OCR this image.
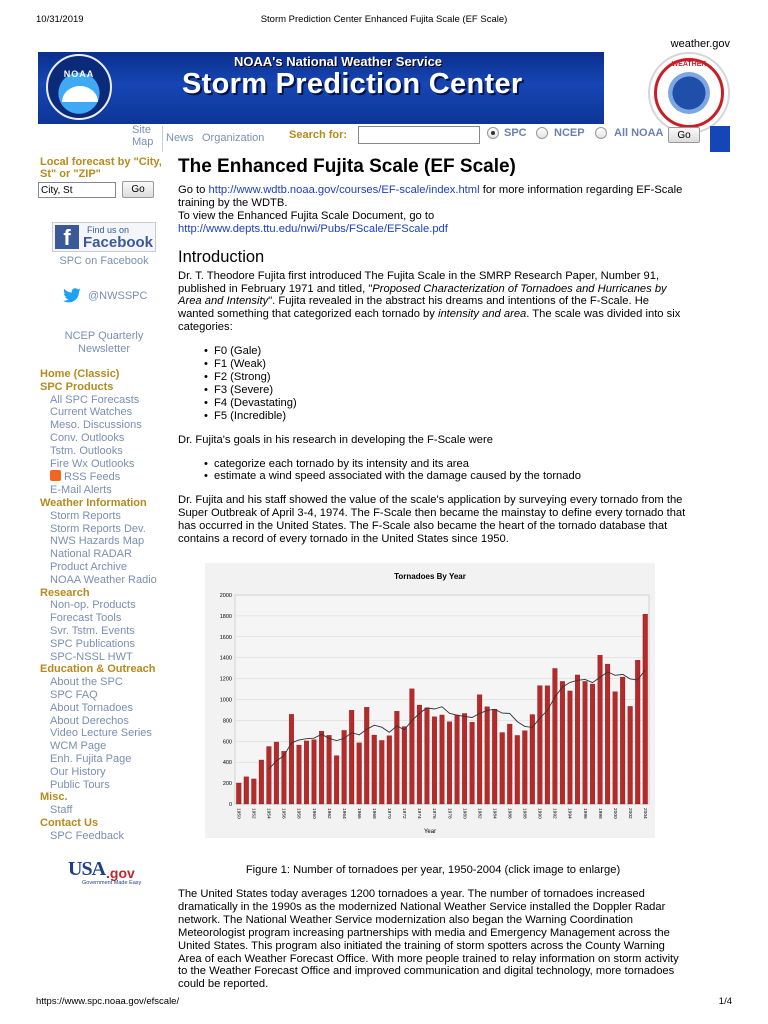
10/31/2019	Storm Prediction Center Enhanced Fujita Scale (EF Scale)
weather.gov
NOAA
NOAA's National Weather Service
Storm Prediction Center
WEATHER
Site Map	News Organization Search for:	SPC NCEP	All NOAA	Go
Local forecast by "City, St" or "ZIP"
City, St
Go
f	Find us on
Facebook
SPC on Facebook
@NWSSPC
NCEP Quarterly Newsletter
Home (Classic)
SPC Products
All SPC Forecasts
Current Watches
Meso. Discussions
Conv. Outlooks
Tstm. Outlooks
Fire Wx Outlooks
RSS Feeds
E-Mail Alerts
Weather Information
Storm Reports
Storm Reports Dev.
NWS Hazards Map
National RADAR
Product Archive
NOAA Weather Radio
Research
Non-op. Products
Forecast Tools
Svr. Tstm. Events
SPC Publications
SPC-NSSL HWT
Education & Outreach
About the SPC
SPC FAQ
About Tornadoes
About Derechos
Video Lecture Series
WCM Page
Enh. Fujita Page
Our History
Public Tours
Misc.
Staff
Contact Us
SPC Feedback
USA .gov
Government Made Easy
The Enhanced Fujita Scale (EF Scale)

Go to http://www.wdtb.noaa.gov/courses/EF-scale/index.html for more information regarding EF-Scale training by the WDTB.
To view the Enhanced Fujita Scale Document, go to
http://www.depts.ttu.edu/nwi/Pubs/FScale/EFScale.pdf

Introduction

Dr. T. Theodore Fujita first introduced The Fujita Scale in the SMRP Research Paper, Number 91, published in February 1971 and titled, "Proposed Characterization of Tornadoes and Hurricanes by Area and Intensity". Fujita revealed in the abstract his dreams and intentions of the F-Scale. He wanted something that categorized each tornado by intensity and area. The scale was divided into six categories:

• F0 (Gale)
• F1 (Weak)
• F2 (Strong)
• F3 (Severe)
• F4 (Devastating)
• F5 (Incredible)

Dr. Fujita's goals in his research in developing the F-Scale were

• categorize each tornado by its intensity and its area
• estimate a wind speed associated with the damage caused by the tornado

Dr. Fujita and his staff showed the value of the scale's application by surveying every tornado from the Super Outbreak of April 3-4, 1974. The F-Scale then became the mainstay to define every tornado that has occurred in the United States. The F-Scale also became the heart of the tornado database that contains a record of every tornado in the United States since 1950.

Tornadoes By Year
0
200
400
600
800
1000
1200
1400
1600
1800
2000
1950 1952 1954 1956 1958 1960 1962 1964 1966 1968 1970 1972 1974 1976 1978 1980 1982 1984 1986 1988 1990 1992 1994 1996 1998 2000 2002 2004
Year
Figure 1: Number of tornadoes per year, 1950-2004 (click image to enlarge)

The United States today averages 1200 tornadoes a year. The number of tornadoes increased dramatically in the 1990s as the modernized National Weather Service installed the Doppler Radar network. The National Weather Service modernization also began the Warning Coordination Meteorologist program increasing partnerships with media and Emergency Management across the United States. This program also initiated the training of storm spotters across the County Warning Area of each Weather Forecast Office. With more people trained to relay information on storm activity to the Weather Forecast Office and improved communication and digital technology, more tornadoes could be reported.

https://www.spc.noaa.gov/efscale/	1/4
